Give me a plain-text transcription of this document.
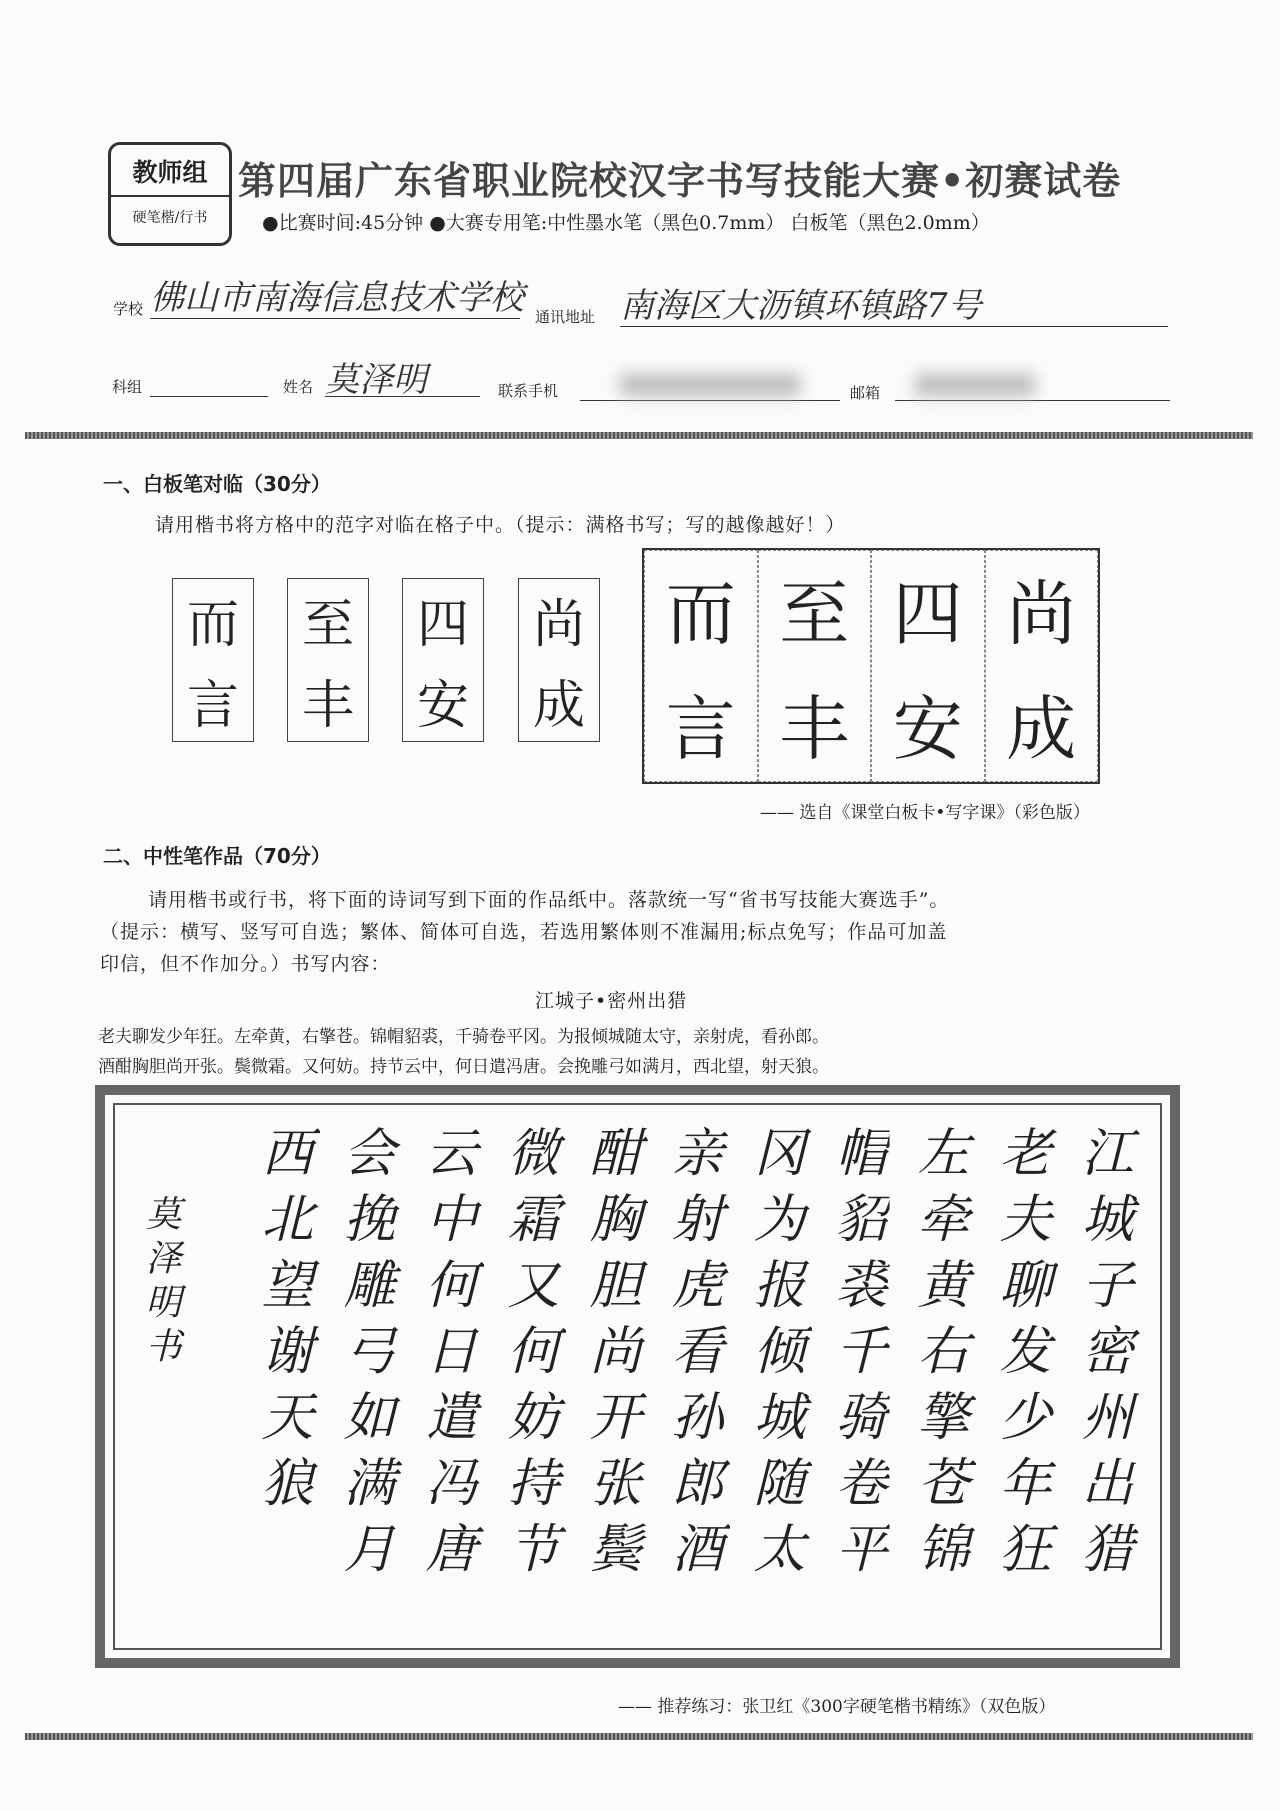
教师组
硬笔楷/行书
第四届广东省职业院校汉字书写技能大赛•初赛试卷
●比赛时间:45分钟 ●大赛专用笔:中性墨水笔（黑色0.7mm） 白板笔（黑色2.0mm）
学校 佛山市南海信息技术学校 通讯地址 南海区大沥镇环镇路7号
科组	姓名 莫泽明	联系手机	邮箱
一、白板笔对临（30分）
请用楷书将方格中的范字对临在格子中。（提示：满格书写；写的越像越好！）
而
言
至
丰
四
安
尚
成
而
言
至
丰
四
安
尚
成
—— 选自《课堂白板卡•写字课》（彩色版）
二、中性笔作品（70分）
请用楷书或行书，将下面的诗词写到下面的作品纸中。落款统一写“省书写技能大赛选手”。
（提示：横写、竖写可自选；繁体、简体可自选，若选用繁体则不准漏用;标点免写；作品可加盖
印信，但不作加分。）书写内容：
江城子•密州出猎
老夫聊发少年狂。左牵黄，右擎苍。锦帽貂裘，千骑卷平冈。为报倾城随太守，亲射虎，看孙郎。
酒酣胸胆尚开张。鬓微霜。又何妨。持节云中，何日遣冯唐。会挽雕弓如满月，西北望，射天狼。
江城子密州出猎
老夫聊发少年狂
左牵黄右擎苍锦
帽貂裘千骑卷平
冈为报倾城随太
亲射虎看孙郎酒
酣胸胆尚开张鬓
微霜又何妨持节
云中何日遣冯唐
会挽雕弓如满月
西北望谢天狼
莫泽明书
—— 推荐练习：张卫红《300字硬笔楷书精练》（双色版）
